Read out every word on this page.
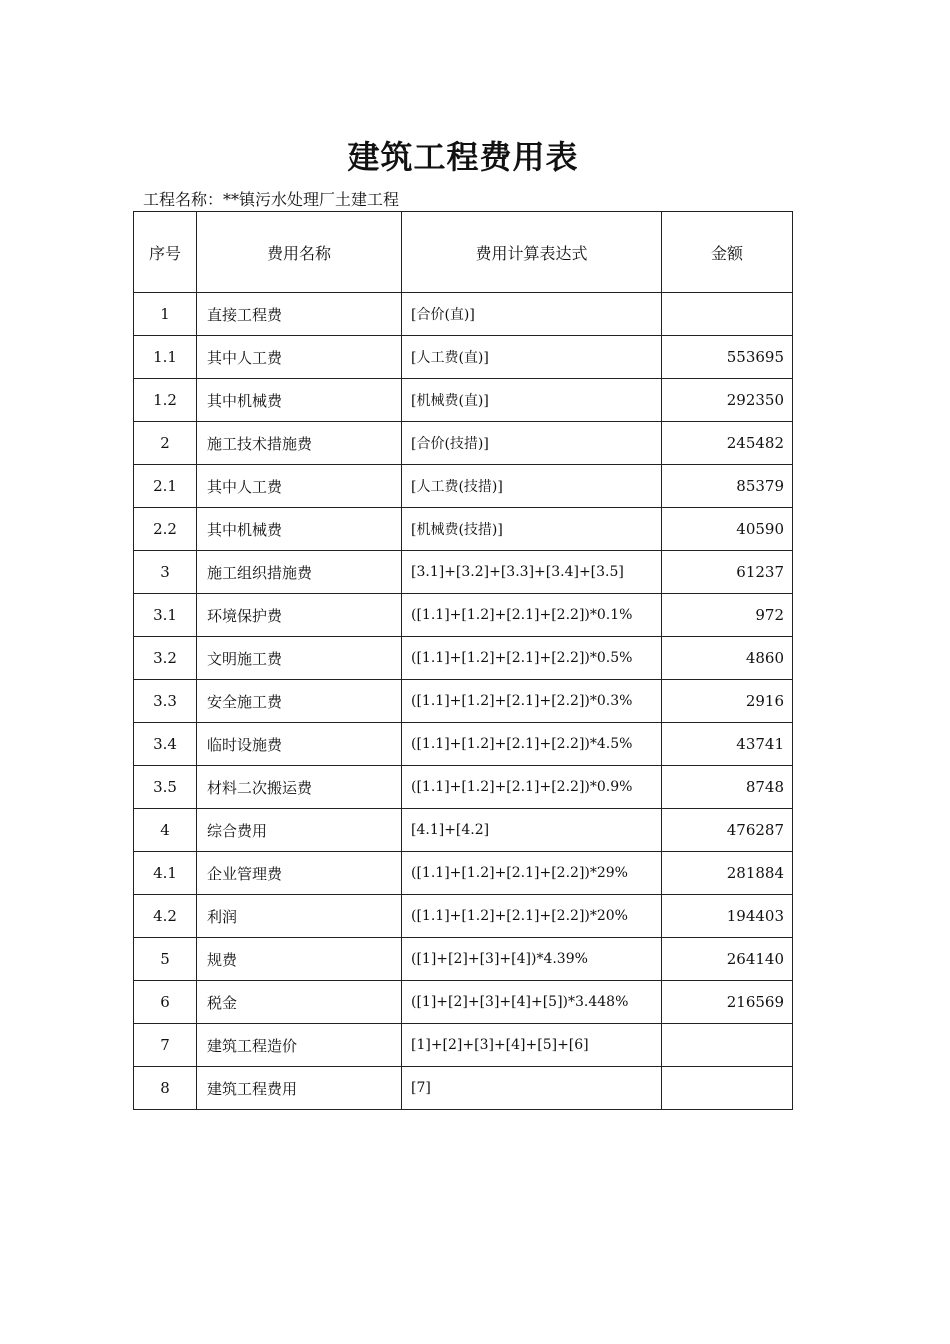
建筑工程费用表
工程名称：**镇污水处理厂土建工程
序号	费用名称	费用计算表达式	金额
1	直接工程费	[合价(直)]	
1.1	其中人工费	[人工费(直)]	553695
1.2	其中机械费	[机械费(直)]	292350
2	施工技术措施费	[合价(技措)]	245482
2.1	其中人工费	[人工费(技措)]	85379
2.2	其中机械费	[机械费(技措)]	40590
3	施工组织措施费	[3.1]+[3.2]+[3.3]+[3.4]+[3.5]	61237
3.1	环境保护费	([1.1]+[1.2]+[2.1]+[2.2])*0.1%	972
3.2	文明施工费	([1.1]+[1.2]+[2.1]+[2.2])*0.5%	4860
3.3	安全施工费	([1.1]+[1.2]+[2.1]+[2.2])*0.3%	2916
3.4	临时设施费	([1.1]+[1.2]+[2.1]+[2.2])*4.5%	43741
3.5	材料二次搬运费	([1.1]+[1.2]+[2.1]+[2.2])*0.9%	8748
4	综合费用	[4.1]+[4.2]	476287
4.1	企业管理费	([1.1]+[1.2]+[2.1]+[2.2])*29%	281884
4.2	利润	([1.1]+[1.2]+[2.1]+[2.2])*20%	194403
5	规费	([1]+[2]+[3]+[4])*4.39%	264140
6	税金	([1]+[2]+[3]+[4]+[5])*3.448%	216569
7	建筑工程造价	[1]+[2]+[3]+[4]+[5]+[6]	
8	建筑工程费用	[7]	
